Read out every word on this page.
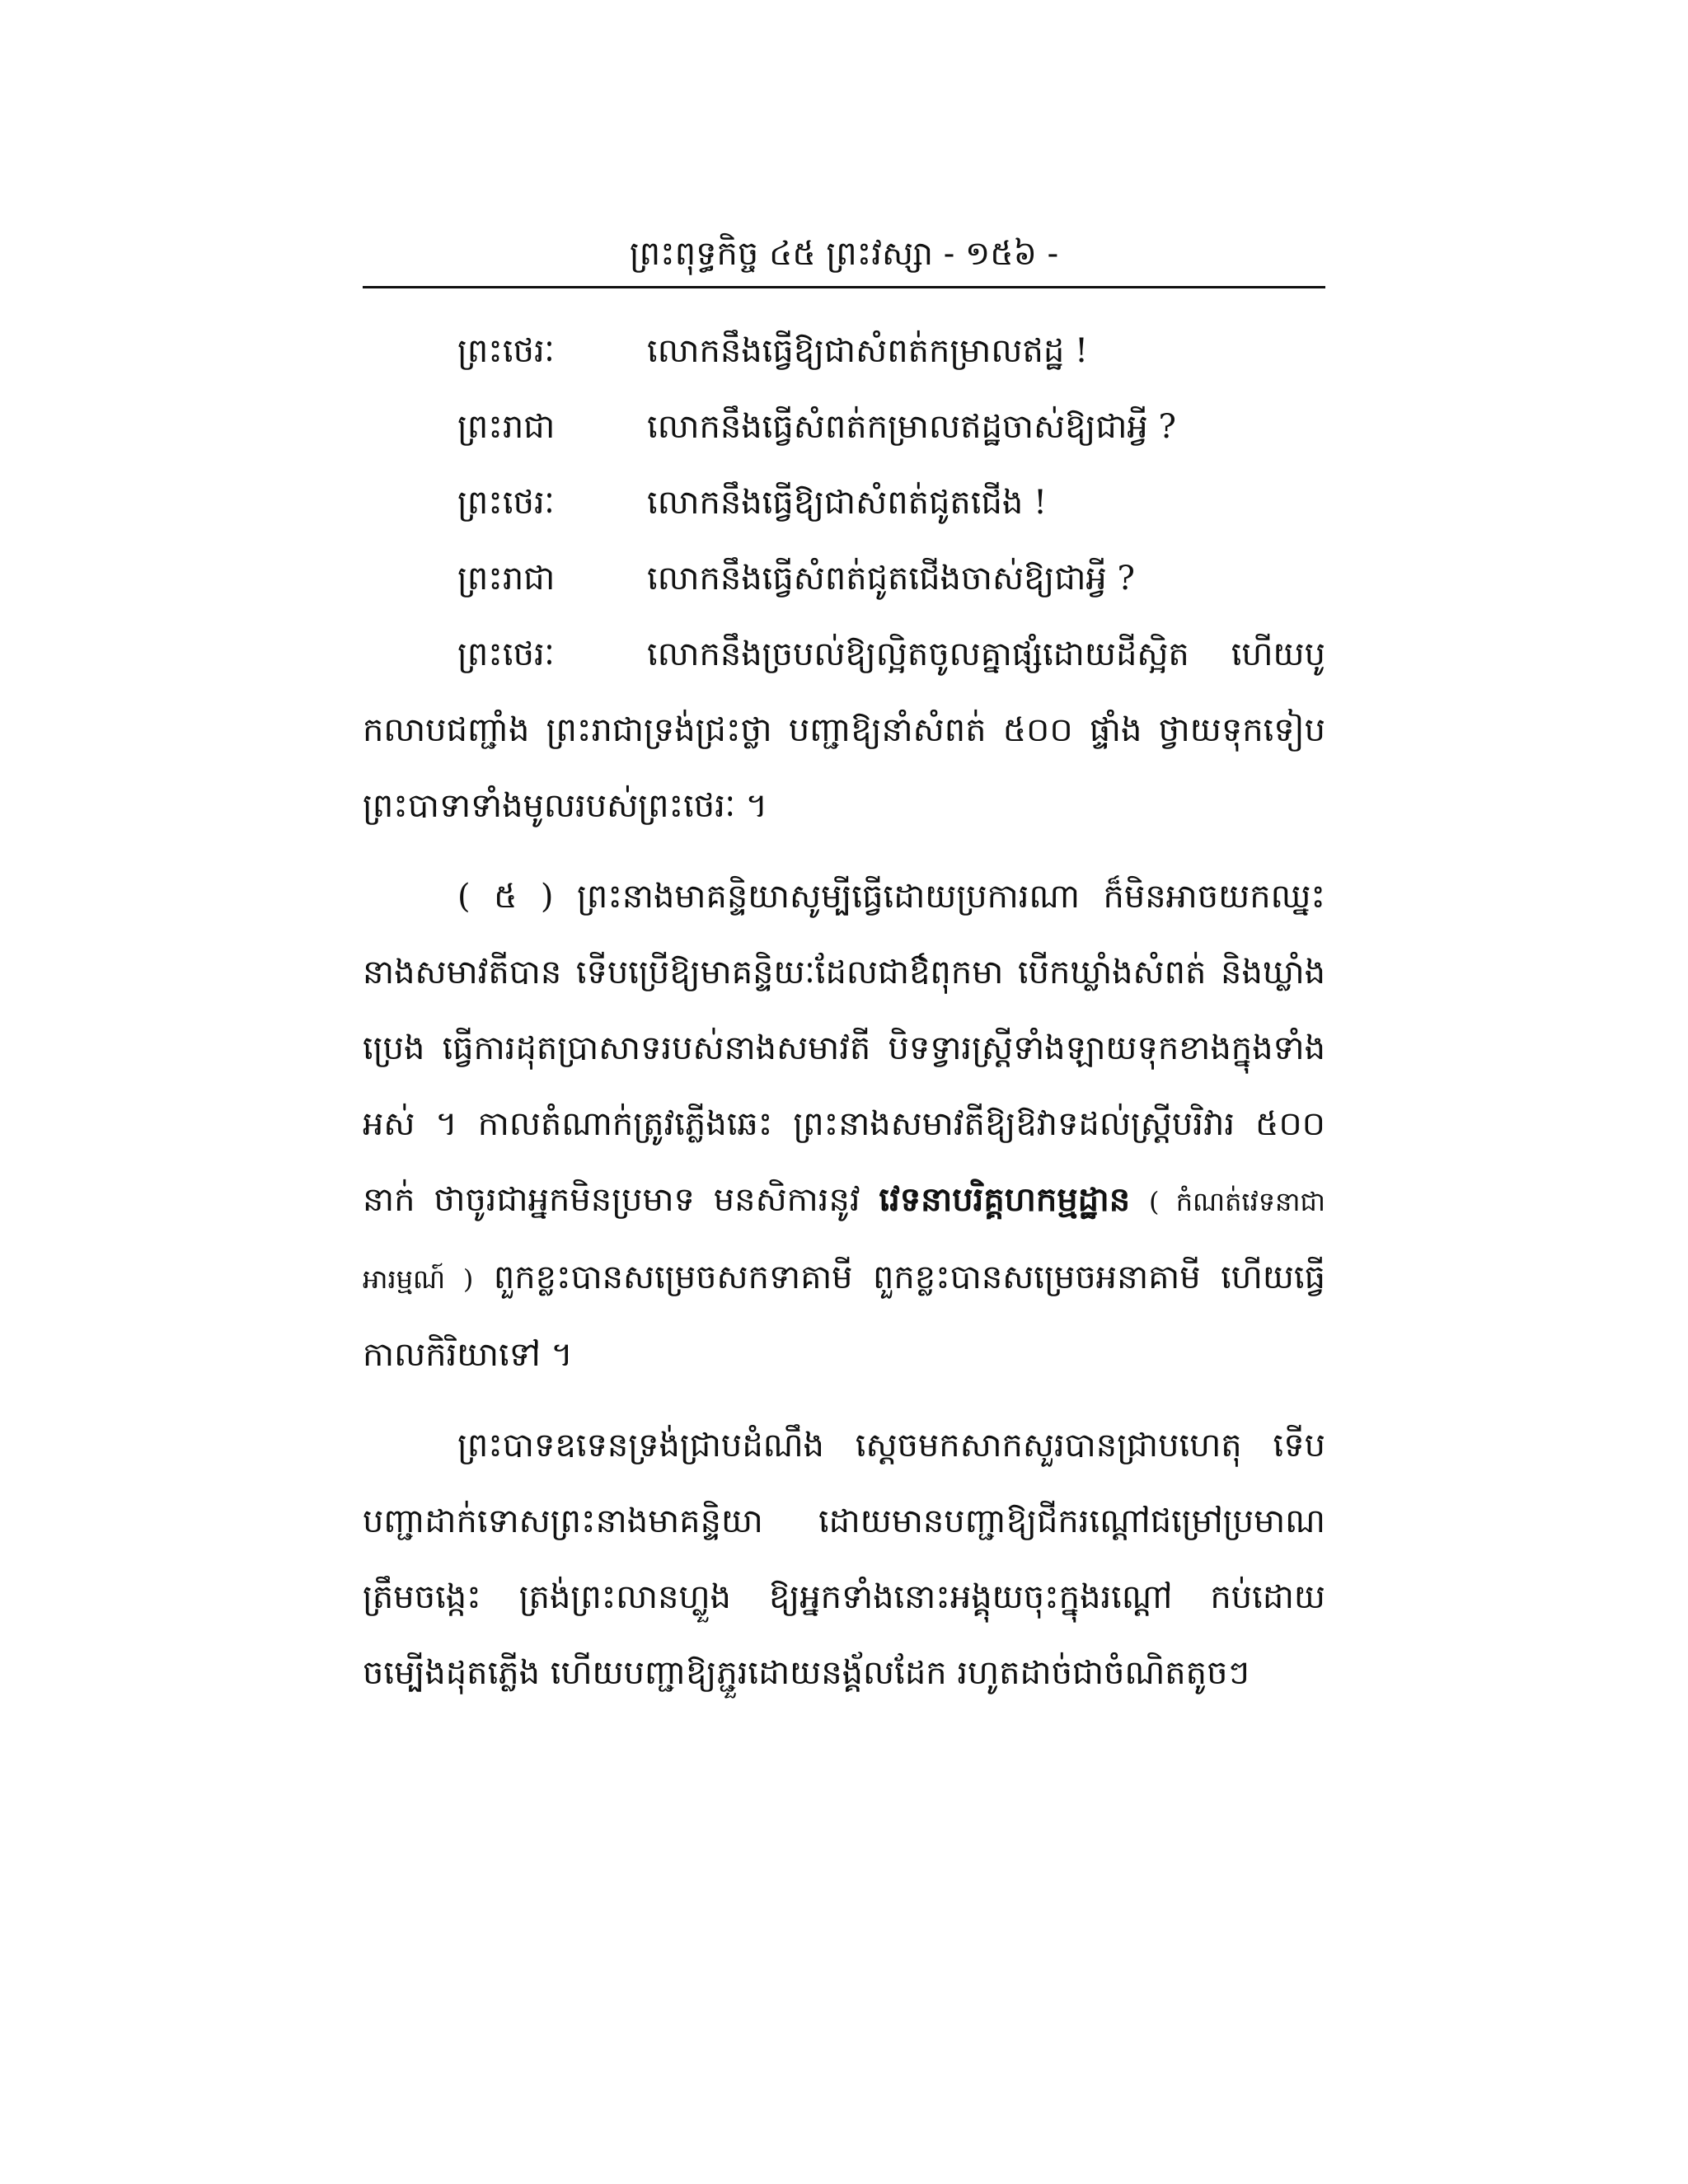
ព្រះពុទ្ធកិច្ច ៤៥ ព្រះវស្សា - ១៥៦ -
ព្រះថេរៈ	លោកនឹងធ្វើឱ្យជាសំពត់កម្រាលឥដ្ឋ !
ព្រះរាជា	លោកនឹងធ្វើសំពត់កម្រាលឥដ្ឋចាស់ឱ្យជាអ្វី ?
ព្រះថេរៈ	លោកនឹងធ្វើឱ្យជាសំពត់ជូតជើង !
ព្រះរាជា	លោកនឹងធ្វើសំពត់ជូតជើងចាស់ឱ្យជាអ្វី ?
ព្រះថេរៈ	លោកនឹងច្របល់ឱ្យល្អិតចូលគ្នាផ្សំដោយដីស្អិត ហើយបូកលាបជញ្ជាំង ព្រះរាជាទ្រង់ជ្រះថ្លា បញ្ជាឱ្យនាំសំពត់ ៥០០ ផ្ទាំង ថ្វាយទុកទៀបព្រះបាទាទាំងមូលរបស់ព្រះថេរៈ ។

( ៥ ) ព្រះនាងមាគន្ទិយាសូម្បីធ្វើដោយប្រការណា ក៏មិនអាចយកឈ្នះនាងសមាវតីបាន ទើបប្រើឱ្យមាគន្ទិយៈដែលជាឳពុកមា បើកឃ្លាំងសំពត់ និងឃ្លាំងប្រេង ធ្វើការដុតប្រាសាទរបស់នាងសមាវតី បិទទ្វារស្ត្រីទាំងឡាយទុកខាងក្នុងទាំងអស់ ។ កាលតំណាក់ត្រូវភ្លើងឆេះ ព្រះនាងសមាវតីឱ្យឱវាទដល់ស្ត្រីបរិវារ ៥០០ នាក់ ថាចូរជាអ្នកមិនប្រមាទ មនសិការនូវ វេទនាបរិគ្គហកម្មដ្ឋាន ( កំណត់វេទនាជាអារម្មណ៍ ) ពួកខ្លះបានសម្រេចសកទាគាមី ពួកខ្លះបានសម្រេចអនាគាមី ហើយធ្វើកាលកិរិយាទៅ ។

ព្រះបាទឧទេនទ្រង់ជ្រាបដំណឹង ស្តេចមកសាកសួរបានជ្រាបហេតុ ទើបបញ្ជាដាក់ទោសព្រះនាងមាគន្ទិយា ដោយមានបញ្ជាឱ្យជីករណ្តៅជម្រៅប្រមាណត្រឹមចង្កេះ ត្រង់ព្រះលានហ្លួង ឱ្យអ្នកទាំងនោះអង្គុយចុះក្នុងរណ្តៅ កប់ដោយចម្បើងដុតភ្លើង ហើយបញ្ជាឱ្យភ្ជួរដោយនង្គ័លដែក រហូតដាច់ជាចំណិតតូចៗ
